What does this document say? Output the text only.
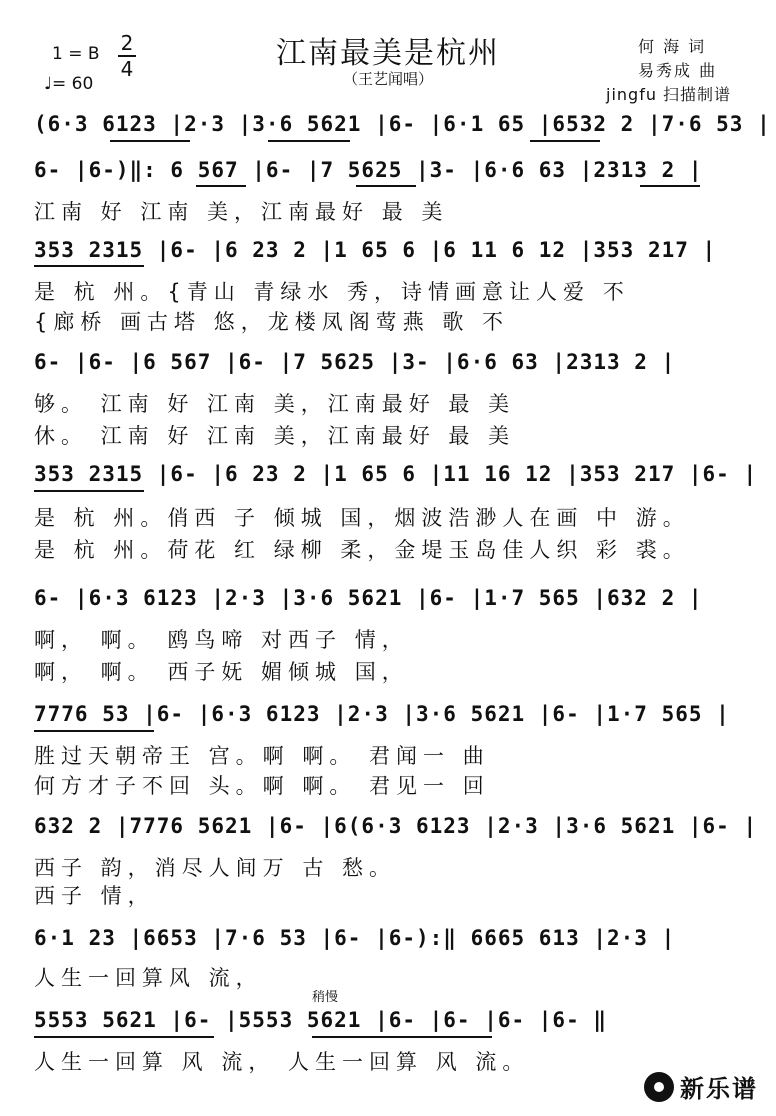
江南最美是杭州
（王艺闻唱）
1 = B 2
4
♩= 60
何 海 词
易秀成 曲
jingfu 扫描制谱
(6·3 6123 |2·3 |3·6 5621 |6- |6·1 65 |6532 2 |7·6 53 |
6- |6-)‖: 6 567 |6- |7 5625 |3- |6·6 63 |2313 2 |
江南 好 江南 美，江南最好 最 美
353 2315 |6- |6 23 2 |1 65 6 |6 11 6 12 |353 217 |
是 杭 州。{青山 青绿水 秀，诗情画意让人爱 不
{廊桥 画古塔 悠，龙楼凤阁莺燕 歌 不
6- |6- |6 567 |6- |7 5625 |3- |6·6 63 |2313 2 |
够。 江南 好 江南 美，江南最好 最 美
休。 江南 好 江南 美，江南最好 最 美
353 2315 |6- |6 23 2 |1 65 6 |11 16 12 |353 217 |6- |
是 杭 州。俏西 子 倾城 国，烟波浩渺人在画 中 游。
是 杭 州。荷花 红 绿柳 柔，金堤玉岛佳人织 彩 裘。
6- |6·3 6123 |2·3 |3·6 5621 |6- |1·7 565 |632 2 |
啊， 啊。 鸥鸟啼 对西子 情，
啊， 啊。 西子妩 媚倾城 国，
7776 53 |6- |6·3 6123 |2·3 |3·6 5621 |6- |1·7 565 |
胜过天朝帝王 宫。啊 啊。 君闻一 曲
何方才子不回 头。啊 啊。 君见一 回
632 2 |7776 5621 |6- |6(6·3 6123 |2·3 |3·6 5621 |6- |
西子 韵，消尽人间万 古 愁。
西子 情，
6·1 23 |6653 |7·6 53 |6- |6-):‖ 6665 613 |2·3 |
人生一回算风 流，
稍慢
5553 5621 |6- |5553 5621 |6- |6- |6- |6- ‖
人生一回算 风 流， 人生一回算 风 流。
新乐谱
